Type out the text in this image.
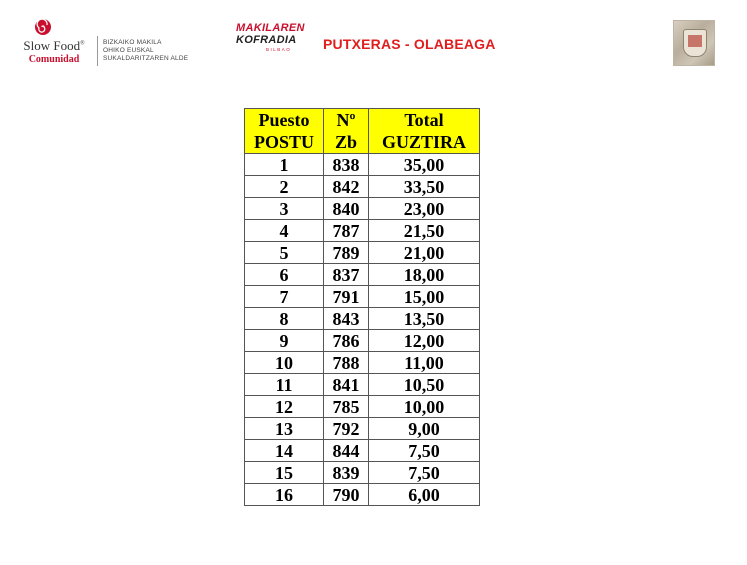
Slow Food®
Comunidad
BIZKAIKO MAKILA
OHIKO EUSKAL
SUKALDARITZAREN ALDE
MAKILAREN
KOFRADIA
BILBAO PUTXERAS - OLABEAGA
Puesto	Nº	Total
POSTU	Zb	GUZTIRA
1	838	35,00
2	842	33,50
3	840	23,00
4	787	21,50
5	789	21,00
6	837	18,00
7	791	15,00
8	843	13,50
9	786	12,00
10	788	11,00
11	841	10,50
12	785	10,00
13	792	9,00
14	844	7,50
15	839	7,50
16	790	6,00
